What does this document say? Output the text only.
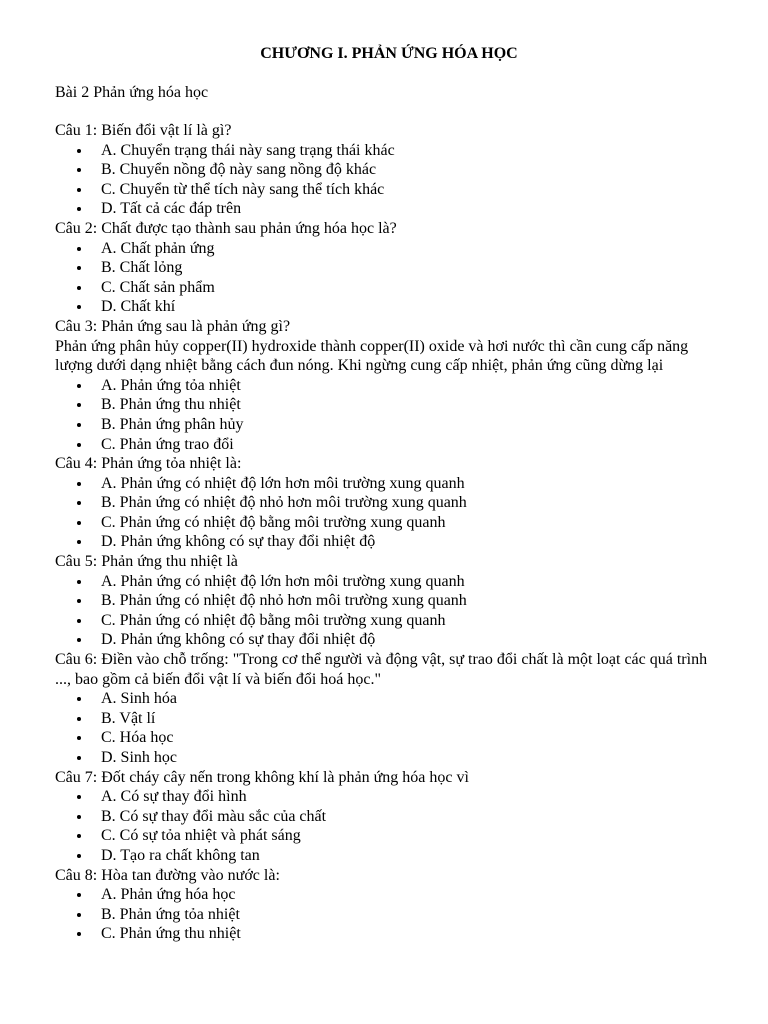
CHƯƠNG I. PHẢN ỨNG HÓA HỌC
Bài 2 Phản ứng hóa học

Câu 1: Biến đổi vật lí là gì?

A. Chuyển trạng thái này sang trạng thái khác
B. Chuyển nồng độ này sang nồng độ khác
C. Chuyển từ thể tích này sang thể tích khác
D. Tất cả các đáp trên

Câu 2: Chất được tạo thành sau phản ứng hóa học là?

A. Chất phản ứng
B. Chất lỏng
C. Chất sản phẩm
D. Chất khí

Câu 3: Phản ứng sau là phản ứng gì?

Phản ứng phân hủy copper(II) hydroxide thành copper(II) oxide và hơi nước thì cần cung cấp năng lượng dưới dạng nhiệt bằng cách đun nóng. Khi ngừng cung cấp nhiệt, phản ứng cũng dừng lại

A. Phản ứng tỏa nhiệt
B. Phản ứng thu nhiệt
B. Phản ứng phân hủy
C. Phản ứng trao đổi

Câu 4: Phản ứng tỏa nhiệt là:

A. Phản ứng có nhiệt độ lớn hơn môi trường xung quanh
B. Phản ứng có nhiệt độ nhỏ hơn môi trường xung quanh
C. Phản ứng có nhiệt độ bằng môi trường xung quanh
D. Phản ứng không có sự thay đổi nhiệt độ

Câu 5: Phản ứng thu nhiệt là

A. Phản ứng có nhiệt độ lớn hơn môi trường xung quanh
B. Phản ứng có nhiệt độ nhỏ hơn môi trường xung quanh
C. Phản ứng có nhiệt độ bằng môi trường xung quanh
D. Phản ứng không có sự thay đổi nhiệt độ

Câu 6: Điền vào chỗ trống: "Trong cơ thể người và động vật, sự trao đổi chất là một loạt các quá trình ..., bao gồm cả biến đổi vật lí và biến đổi hoá học."

A. Sinh hóa
B. Vật lí
C. Hóa học
D. Sinh học

Câu 7: Đốt cháy cây nến trong không khí là phản ứng hóa học vì

A. Có sự thay đổi hình
B. Có sự thay đổi màu sắc của chất
C. Có sự tỏa nhiệt và phát sáng
D. Tạo ra chất không tan

Câu 8: Hòa tan đường vào nước là:

A. Phản ứng hóa học
B. Phản ứng tỏa nhiệt
C. Phản ứng thu nhiệt
